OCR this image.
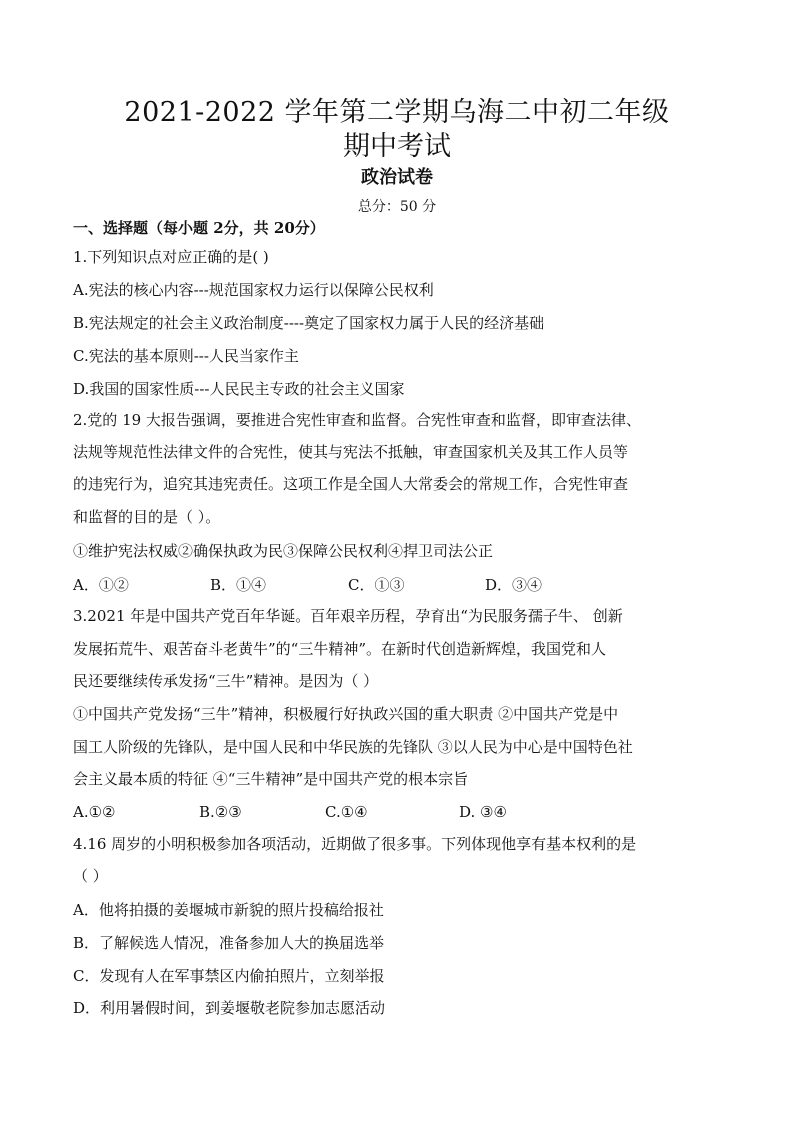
2021-2022 学年第二学期乌海二中初二年级
期中考试
政治试卷
总分：50 分
一、选择题（每小题 2分，共 20分）
1.下列知识点对应正确的是( )
A.宪法的核心内容---规范国家权力运行以保障公民权利
B.宪法规定的社会主义政治制度----奠定了国家权力属于人民的经济基础
C.宪法的基本原则---人民当家作主
D.我国的国家性质---人民民主专政的社会主义国家
2.党的 19 大报告强调，要推进合宪性审查和监督。合宪性审查和监督，即审查法律、
法规等规范性法律文件的合宪性，使其与宪法不抵触，审查国家机关及其工作人员等
的违宪行为，追究其违宪责任。这项工作是全国人大常委会的常规工作，合宪性审查
和监督的目的是（ ）。
①维护宪法权威②确保执政为民③保障公民权利④捍卫司法公正
A．①②	B．①④	C．①③	D．③④
3.2021 年是中国共产党百年华诞。百年艰辛历程，孕育出“为民服务孺子牛、 创新
发展拓荒牛、艰苦奋斗老黄牛”的“三牛精神”。在新时代创造新辉煌，我国党和人
民还要继续传承发扬“三牛”精神。是因为（ ）
①中国共产党发扬“三牛”精神，积极履行好执政兴国的重大职责 ②中国共产党是中
国工人阶级的先锋队，是中国人民和中华民族的先锋队 ③以人民为中心是中国特色社
会主义最本质的特征 ④“三牛精神”是中国共产党的根本宗旨
A.①②	B.②③	C.①④	D. ③④
4.16 周岁的小明积极参加各项活动，近期做了很多事。下列体现他享有基本权利的是
（ ）
A．他将拍摄的姜堰城市新貌的照片投稿给报社
B．了解候选人情况，准备参加人大的换届选举
C．发现有人在军事禁区内偷拍照片，立刻举报
D．利用暑假时间，到姜堰敬老院参加志愿活动
